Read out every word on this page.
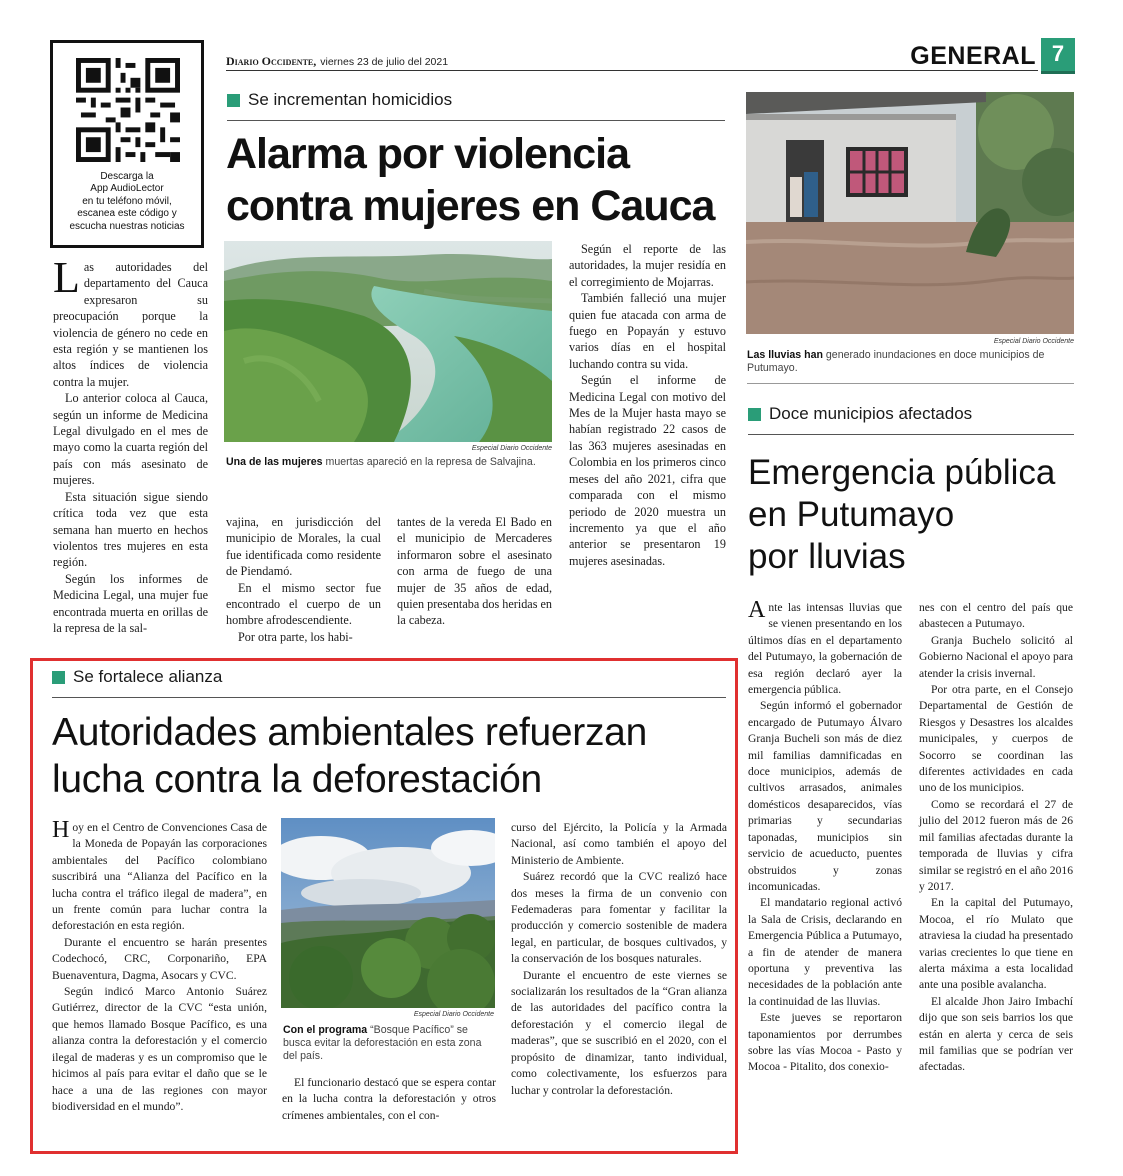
Descarga la
App AudioLector
en tu teléfono móvil,
escanea este código y
escucha nuestras noticias
Diario Occidente, viernes 23 de julio del 2021	GENERAL 7
Se incrementan homicidios
Alarma por violencia
contra mujeres en Cauca
Especial Diario Occidente
Una de las mujeres muertas apareció en la represa de Salvajina.
L as autoridades del departamento del Cauca expresaron su preocupación porque la violencia de género no cede en esta región y se mantienen los altos índices de violencia contra la mujer.

Lo anterior coloca al Cauca, según un informe de Medicina Legal divulgado en el mes de mayo como la cuarta región del país con más asesinato de mujeres.

Esta situación sigue siendo crítica toda vez que esta semana han muerto en hechos violentos tres mujeres en esta región.

Según los informes de Medicina Legal, una mujer fue encontrada muerta en orillas de la represa de la sal-

vajina, en jurisdicción del municipio de Morales, la cual fue identificada como residente de Piendamó.

En el mismo sector fue encontrado el cuerpo de un hombre afrodescendiente.

Por otra parte, los habi-

tantes de la vereda El Bado en el municipio de Mercaderes informaron sobre el asesinato con arma de fuego de una mujer de 35 años de edad, quien presentaba dos heridas en la cabeza.

Según el reporte de las autoridades, la mujer residía en el corregimiento de Mojarras.

También falleció una mujer quien fue atacada con arma de fuego en Popayán y estuvo varios días en el hospital luchando contra su vida.

Según el informe de Medicina Legal con motivo del Mes de la Mujer hasta mayo se habían registrado 22 casos de las 363 mujeres asesinadas en Colombia en los primeros cinco meses del año 2021, cifra que comparada con el mismo periodo de 2020 muestra un incremento ya que el año anterior se presentaron 19 mujeres asesinadas.

Especial Diario Occidente
Las lluvias han generado inundaciones en doce municipios de Putumayo.
Doce municipios afectados
Emergencia pública
en Putumayo
por lluvias
A nte las intensas lluvias que se vienen presentando en los últimos días en el departamento del Putumayo, la gobernación de esa región declaró ayer la emergencia pública.

Según informó el gobernador encargado de Putumayo Álvaro Granja Bucheli son más de diez mil familias damnificadas en doce municipios, además de cultivos arrasados, animales domésticos desaparecidos, vías primarias y secundarias taponadas, municipios sin servicio de acueducto, puentes obstruidos y zonas incomunicadas.

El mandatario regional activó la Sala de Crisis, declarando en Emergencia Pública a Putumayo, a fin de atender de manera oportuna y preventiva las necesidades de la población ante la continuidad de las lluvias.

Este jueves se reportaron taponamientos por derrumbes sobre las vías Mocoa - Pasto y Mocoa - Pitalito, dos conexio-

nes con el centro del país que abastecen a Putumayo.

Granja Buchelo solicitó al Gobierno Nacional el apoyo para atender la crisis invernal.

Por otra parte, en el Consejo Departamental de Gestión de Riesgos y Desastres los alcaldes municipales, y cuerpos de Socorro se coordinan las diferentes actividades en cada uno de los municipios.

Como se recordará el 27 de julio del 2012 fueron más de 26 mil familias afectadas durante la temporada de lluvias y cifra similar se registró en el año 2016 y 2017.

En la capital del Putumayo, Mocoa, el río Mulato que atraviesa la ciudad ha presentado varias crecientes lo que tiene en alerta máxima a esta localidad ante una posible avalancha.

El alcalde Jhon Jairo Imbachí dijo que son seis barrios los que están en alerta y cerca de seis mil familias que se podrían ver afectadas.

Se fortalece alianza
Autoridades ambientales refuerzan
lucha contra la deforestación
Especial Diario Occidente
Con el programa “Bosque Pacífico” se busca evitar la deforestación en esta zona del país.
H oy en el Centro de Convenciones Casa de la Moneda de Popayán las corporaciones ambientales del Pacífico colombiano suscribirá una “Alianza del Pacífico en la lucha contra el tráfico ilegal de madera”, en un frente común para luchar contra la deforestación en esta región.

Durante el encuentro se harán presentes Codechocó, CRC, Corponariño, EPA Buenaventura, Dagma, Asocars y CVC.

Según indicó Marco Antonio Suárez Gutiérrez, director de la CVC “esta unión, que hemos llamado Bosque Pacífico, es una alianza contra la deforestación y el comercio ilegal de maderas y es un compromiso que le hicimos al país para evitar el daño que se le hace a una de las regiones con mayor biodiversidad en el mundo”.

El funcionario destacó que se espera contar en la lucha contra la deforestación y otros crímenes ambientales, con el con-

curso del Ejército, la Policía y la Armada Nacional, así como también el apoyo del Ministerio de Ambiente.

Suárez recordó que la CVC realizó hace dos meses la firma de un convenio con Fedemaderas para fomentar y facilitar la producción y comercio sostenible de madera legal, en particular, de bosques cultivados, y la conservación de los bosques naturales.

Durante el encuentro de este viernes se socializarán los resultados de la “Gran alianza de las autoridades del pacífico contra la deforestación y el comercio ilegal de maderas”, que se suscribió en el 2020, con el propósito de dinamizar, tanto individual, como colectivamente, los esfuerzos para luchar y controlar la deforestación.
